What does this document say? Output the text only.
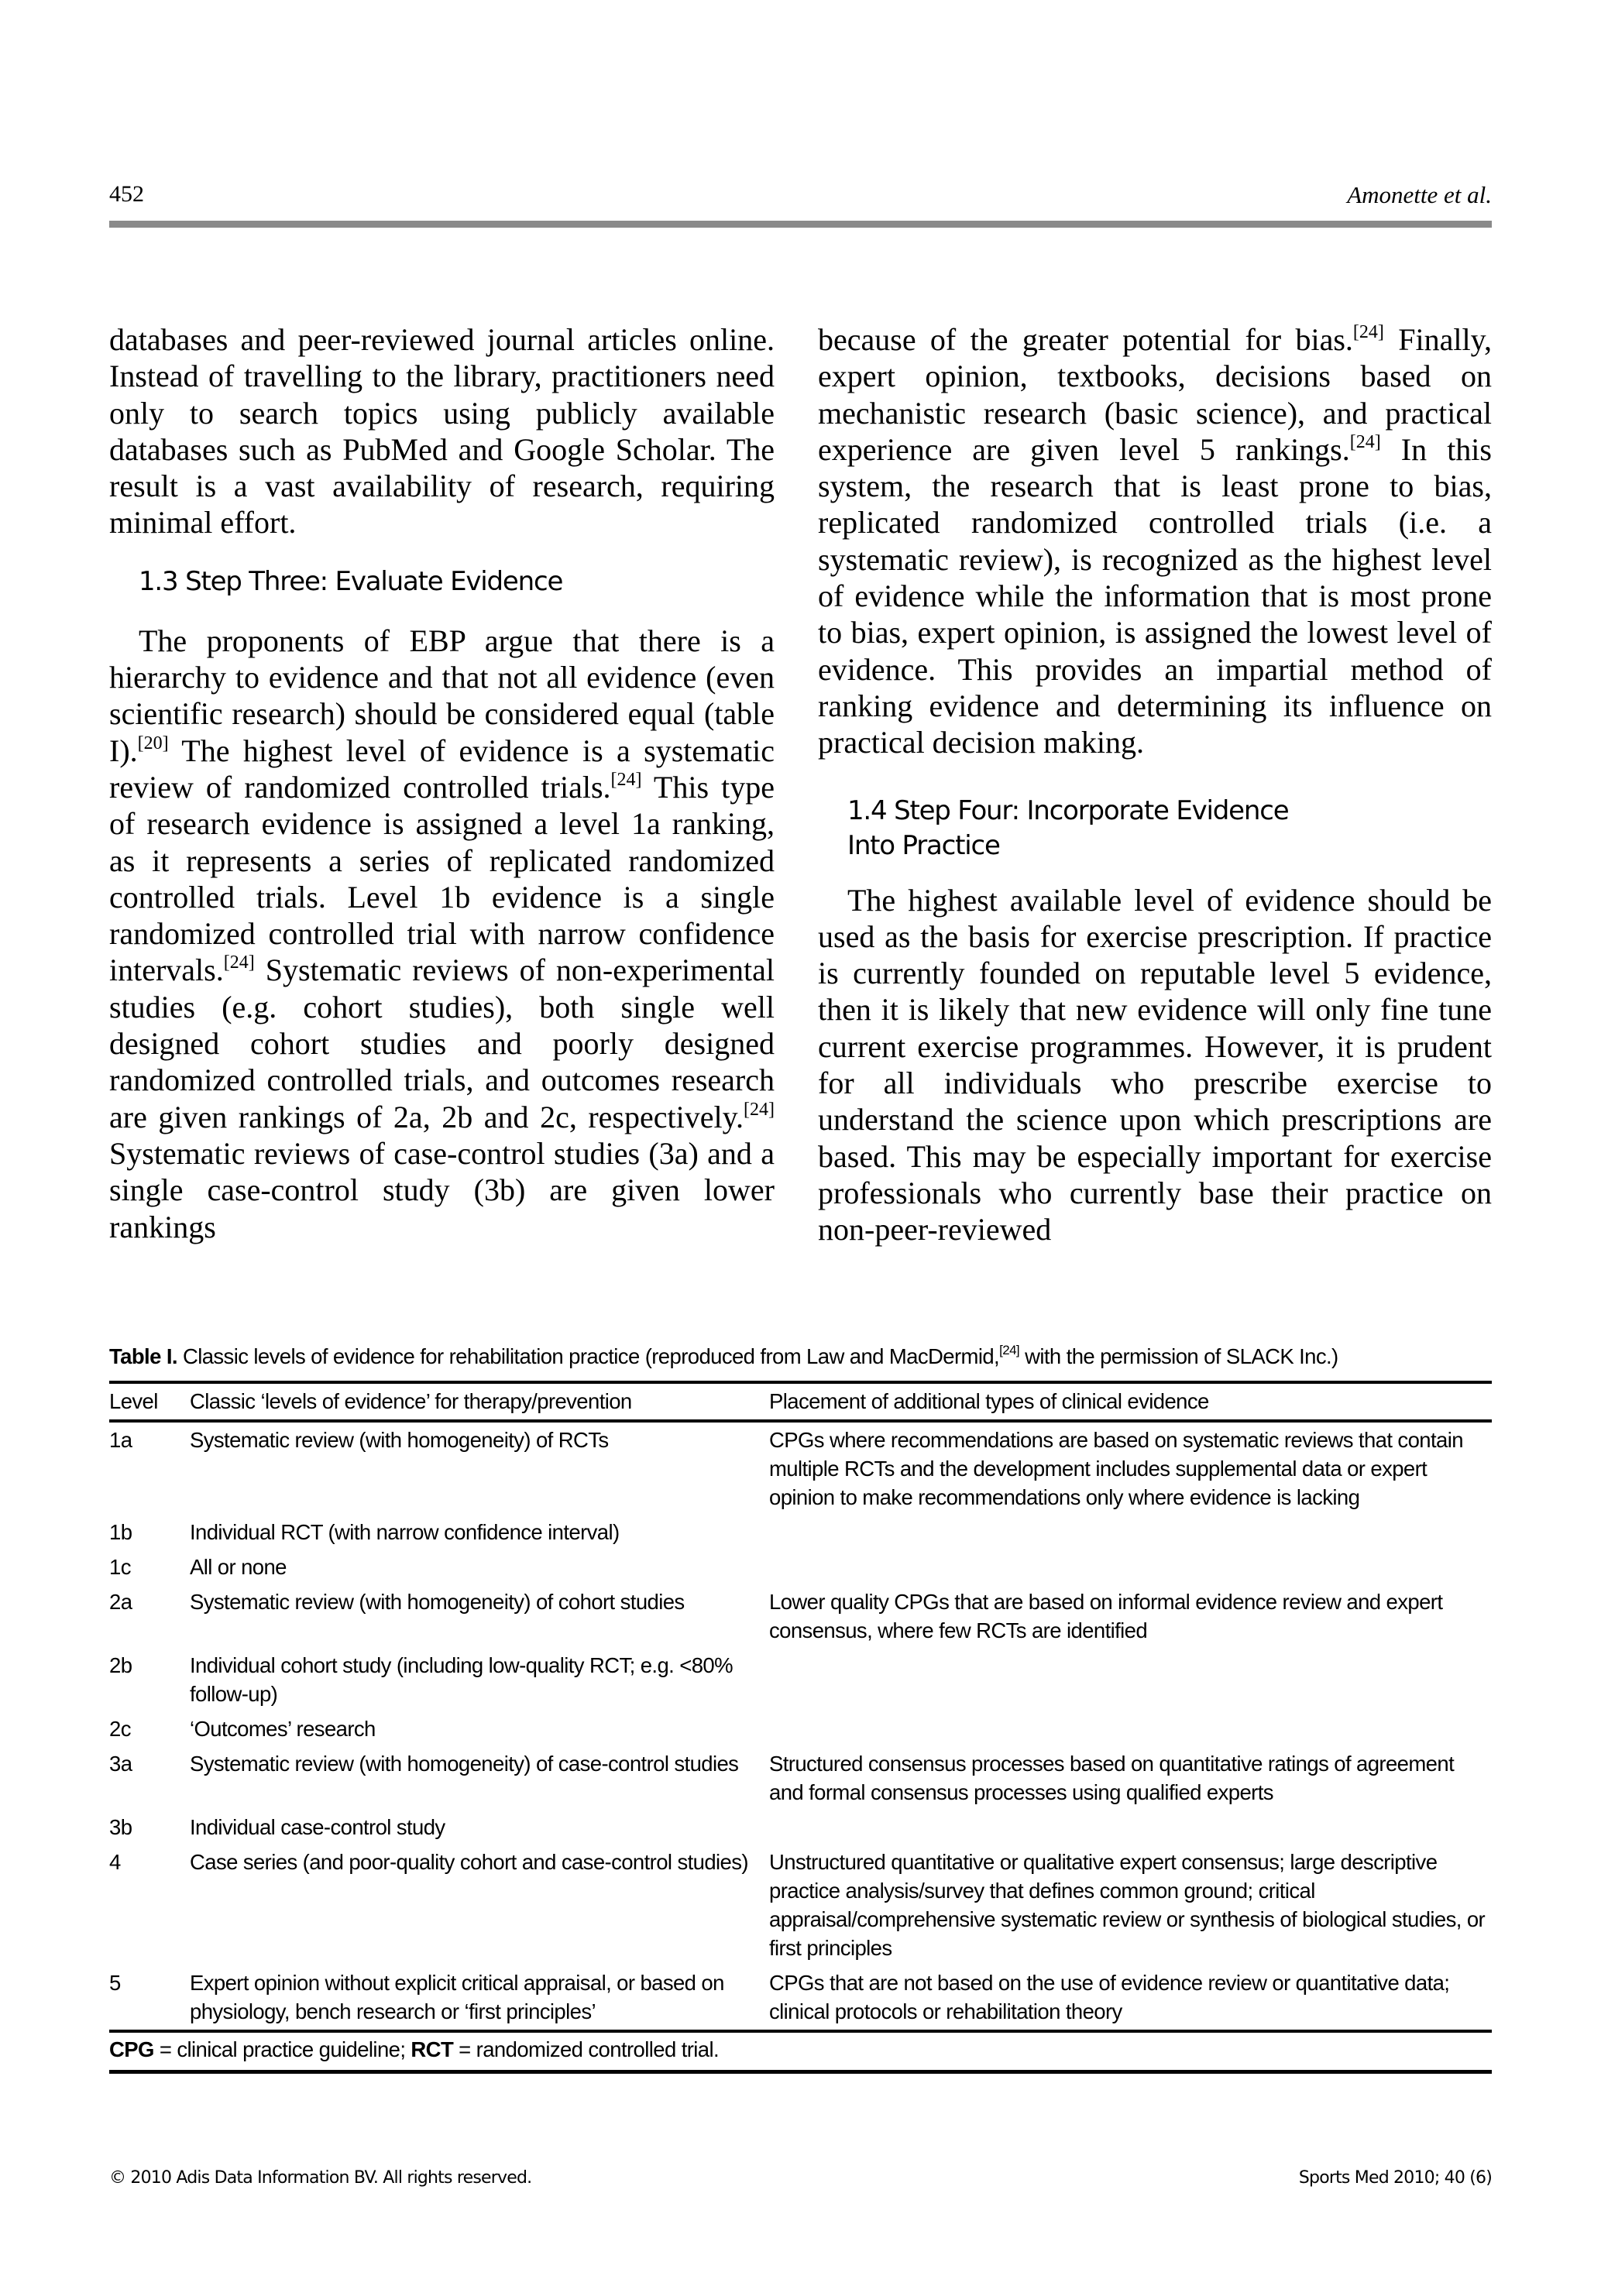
452	Amonette et al.

databases and peer-reviewed journal articles online. Instead of travelling to the library, practitioners need only to search topics using publicly available databases such as PubMed and Google Scholar. The result is a vast availability of research, requiring minimal effort.

1.3 Step Three: Evaluate Evidence

The proponents of EBP argue that there is a hierarchy to evidence and that not all evidence (even scientific research) should be considered equal (table I).[20] The highest level of evidence is a systematic review of randomized controlled trials.[24] This type of research evidence is assigned a level 1a ranking, as it represents a series of replicated randomized controlled trials. Level 1b evidence is a single randomized controlled trial with narrow confidence intervals.[24] Systematic reviews of non-experimental studies (e.g. cohort studies), both single well designed cohort studies and poorly designed randomized controlled trials, and outcomes research are given rankings of 2a, 2b and 2c, respectively.[24] Systematic reviews of case-control studies (3a) and a single case-control study (3b) are given lower rankings

because of the greater potential for bias.[24] Finally, expert opinion, textbooks, decisions based on mechanistic research (basic science), and practical experience are given level 5 rankings.[24] In this system, the research that is least prone to bias, replicated randomized controlled trials (i.e. a systematic review), is recognized as the highest level of evidence while the information that is most prone to bias, expert opinion, is assigned the lowest level of evidence. This provides an impartial method of ranking evidence and determining its influence on practical decision making.

1.4 Step Four: Incorporate Evidence
Into Practice

The highest available level of evidence should be used as the basis for exercise prescription. If practice is currently founded on reputable level 5 evidence, then it is likely that new evidence will only fine tune current exercise programmes. However, it is prudent for all individuals who prescribe exercise to understand the science upon which prescriptions are based. This may be especially important for exercise professionals who currently base their practice on non-peer-reviewed

Table I. Classic levels of evidence for rehabilitation practice (reproduced from Law and MacDermid,[24] with the permission of SLACK Inc.)
Level	Classic ‘levels of evidence’ for therapy/prevention	Placement of additional types of clinical evidence
1a	Systematic review (with homogeneity) of RCTs	CPGs where recommendations are based on systematic reviews that contain multiple RCTs and the development includes supplemental data or expert opinion to make recommendations only where evidence is lacking
1b	Individual RCT (with narrow confidence interval)	
1c	All or none	
2a	Systematic review (with homogeneity) of cohort studies	Lower quality CPGs that are based on informal evidence review and expert consensus, where few RCTs are identified
2b	Individual cohort study (including low-quality RCT; e.g. <80% follow-up)	
2c	‘Outcomes’ research	
3a	Systematic review (with homogeneity) of case-control studies	Structured consensus processes based on quantitative ratings of agreement and formal consensus processes using qualified experts
3b	Individual case-control study	
4	Case series (and poor-quality cohort and case-control studies)	Unstructured quantitative or qualitative expert consensus; large descriptive practice analysis/survey that defines common ground; critical appraisal/comprehensive systematic review or synthesis of biological studies, or first principles
5	Expert opinion without explicit critical appraisal, or based on physiology, bench research or ‘first principles’	CPGs that are not based on the use of evidence review or quantitative data; clinical protocols or rehabilitation theory
CPG = clinical practice guideline; RCT = randomized controlled trial.
© 2010 Adis Data Information BV. All rights reserved.	Sports Med 2010; 40 (6)
